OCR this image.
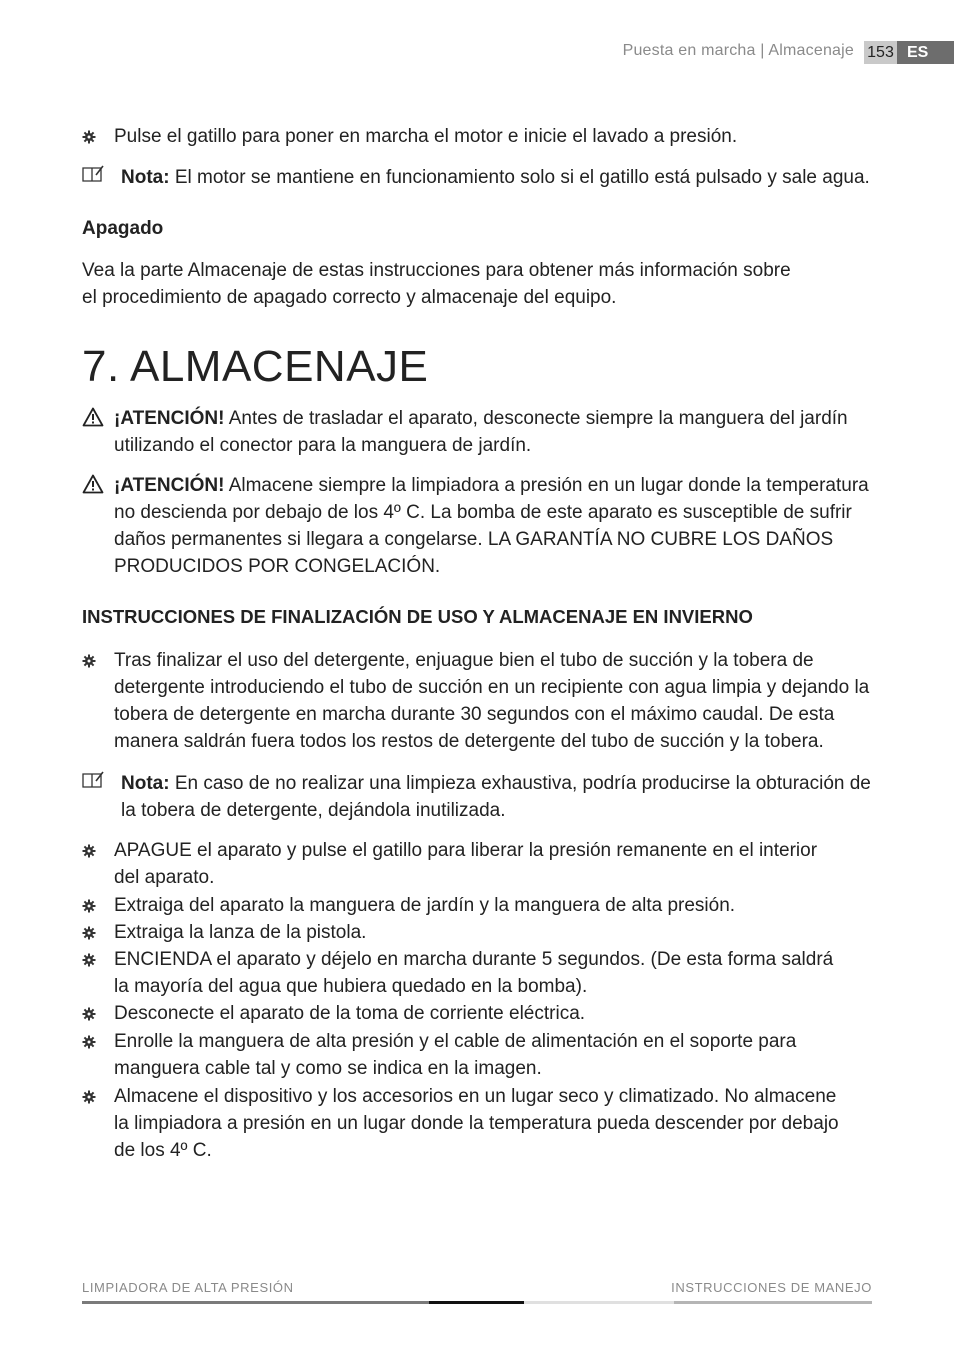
Puesta en marcha | Almacenaje 153 ES
Pulse el gatillo para poner en marcha el motor e inicie el lavado a presión.
Nota: El motor se mantiene en funcionamiento solo si el gatillo está pulsado y sale agua.
Apagado
Vea la parte Almacenaje de estas instrucciones para obtener más información sobre el procedimiento de apagado correcto y almacenaje del equipo.
7. ALMACENAJE
¡ATENCIÓN! Antes de trasladar el aparato, desconecte siempre la manguera del jardín utilizando el conector para la manguera de jardín.
¡ATENCIÓN! Almacene siempre la limpiadora a presión en un lugar donde la temperatura no descienda por debajo de los 4º C. La bomba de este aparato es susceptible de sufrir daños permanentes si llegara a congelarse. LA GARANTÍA NO CUBRE LOS DAÑOS PRODUCIDOS POR CONGELACIÓN.
INSTRUCCIONES DE FINALIZACIÓN DE USO Y ALMACENAJE EN INVIERNO
Tras finalizar el uso del detergente, enjuague bien el tubo de succión y la tobera de detergente introduciendo el tubo de succión en un recipiente con agua limpia y dejando la tobera de detergente en marcha durante 30 segundos con el máximo caudal. De esta manera saldrán fuera todos los restos de detergente del tubo de succión y la tobera.
Nota: En caso de no realizar una limpieza exhaustiva, podría producirse la obturación de la tobera de detergente, dejándola inutilizada.
APAGUE el aparato y pulse el gatillo para liberar la presión remanente en el interior del aparato.
Extraiga del aparato la manguera de jardín y la manguera de alta presión.
Extraiga la lanza de la pistola.
ENCIENDA el aparato y déjelo en marcha durante 5 segundos. (De esta forma saldrá la mayoría del agua que hubiera quedado en la bomba).
Desconecte el aparato de la toma de corriente eléctrica.
Enrolle la manguera de alta presión y el cable de alimentación en el soporte para manguera cable tal y como se indica en la imagen.
Almacene el dispositivo y los accesorios en un lugar seco y climatizado. No almacene la limpiadora a presión en un lugar donde la temperatura pueda descender por debajo de los 4º C.
LIMPIADORA DE ALTA PRESIÓN	INSTRUCCIONES DE MANEJO
